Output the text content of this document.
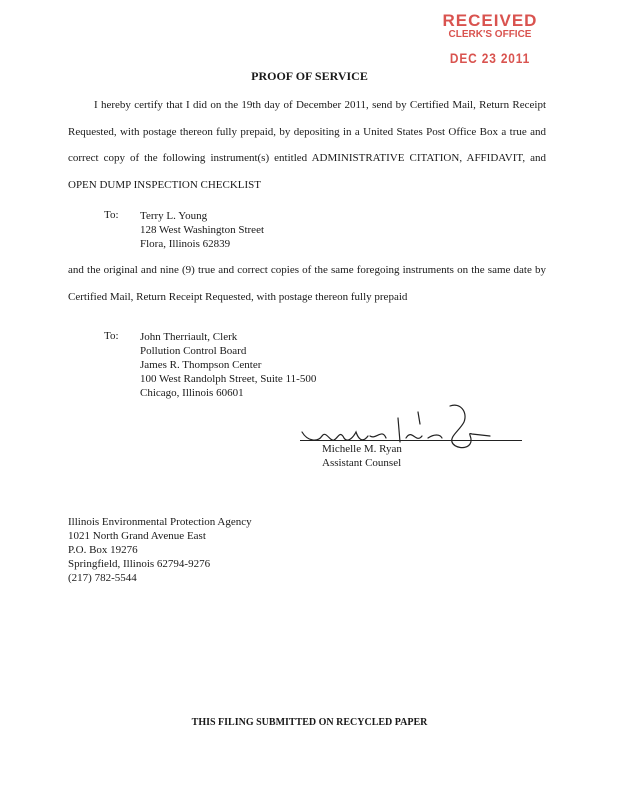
RECEIVED
CLERK'S OFFICE
DEC 23 2011
PROOF OF SERVICE
I hereby certify that I did on the 19th day of December 2011, send by Certified Mail, Return Receipt Requested, with postage thereon fully prepaid, by depositing in a United States Post Office Box a true and correct copy of the following instrument(s) entitled ADMINISTRATIVE CITATION, AFFIDAVIT, and OPEN DUMP INSPECTION CHECKLIST
To: Terry L. Young
128 West Washington Street
Flora, Illinois 62839
and the original and nine (9) true and correct copies of the same foregoing instruments on the same date by Certified Mail, Return Receipt Requested, with postage thereon fully prepaid
To: John Therriault, Clerk
Pollution Control Board
James R. Thompson Center
100 West Randolph Street, Suite 11-500
Chicago, Illinois 60601
Michelle M. Ryan
Assistant Counsel
Illinois Environmental Protection Agency
1021 North Grand Avenue East
P.O. Box 19276
Springfield, Illinois 62794-9276
(217) 782-5544
THIS FILING SUBMITTED ON RECYCLED PAPER
